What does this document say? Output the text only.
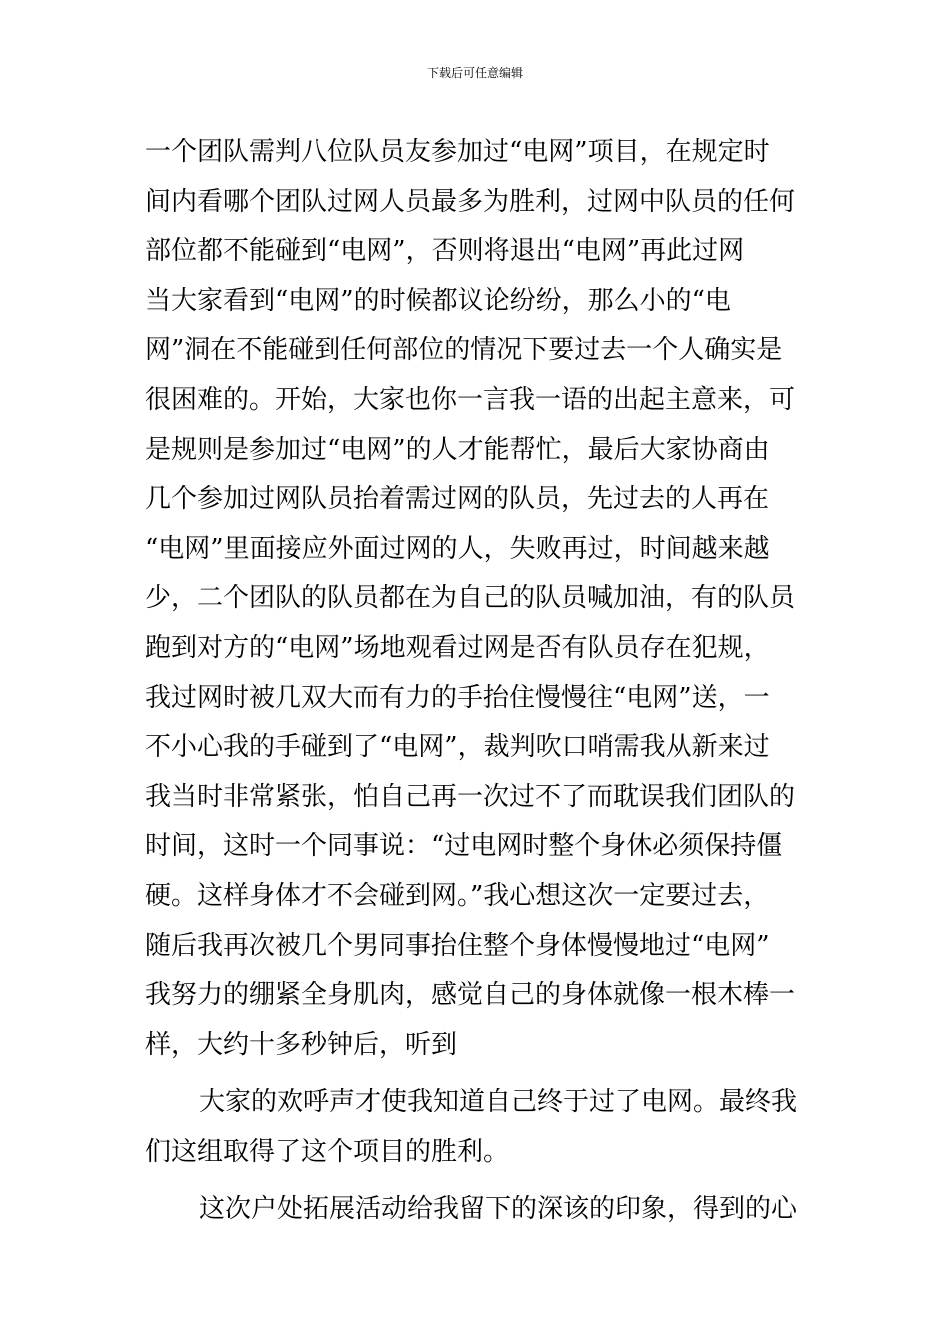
下载后可任意编辑
一个团队需判八位队员友参加过“电网”项目，在规定时
间内看哪个团队过网人员最多为胜利，过网中队员的任何
部位都不能碰到“电网”，否则将退出“电网”再此过网
当大家看到“电网”的时候都议论纷纷，那么小的“电
网”洞在不能碰到任何部位的情况下要过去一个人确实是
很困难的。开始，大家也你一言我一语的出起主意来，可
是规则是参加过“电网”的人才能帮忙，最后大家协商由
几个参加过网队员抬着需过网的队员，先过去的人再在
“电网”里面接应外面过网的人，失败再过，时间越来越
少，二个团队的队员都在为自己的队员喊加油，有的队员
跑到对方的“电网”场地观看过网是否有队员存在犯规，
我过网时被几双大而有力的手抬住慢慢往“电网”送，一
不小心我的手碰到了“电网”，裁判吹口哨需我从新来过
我当时非常紧张，怕自己再一次过不了而耽误我们团队的
时间，这时一个同事说：“过电网时整个身休必须保持僵
硬。这样身体才不会碰到网。”我心想这次一定要过去，
随后我再次被几个男同事抬住整个身体慢慢地过“电网”
我努力的绷紧全身肌肉，感觉自己的身体就像一根木棒一
样，大约十多秒钟后，听到
大家的欢呼声才使我知道自己终于过了电网。最终我
们这组取得了这个项目的胜利。
这次户处拓展活动给我留下的深该的印象，得到的心
